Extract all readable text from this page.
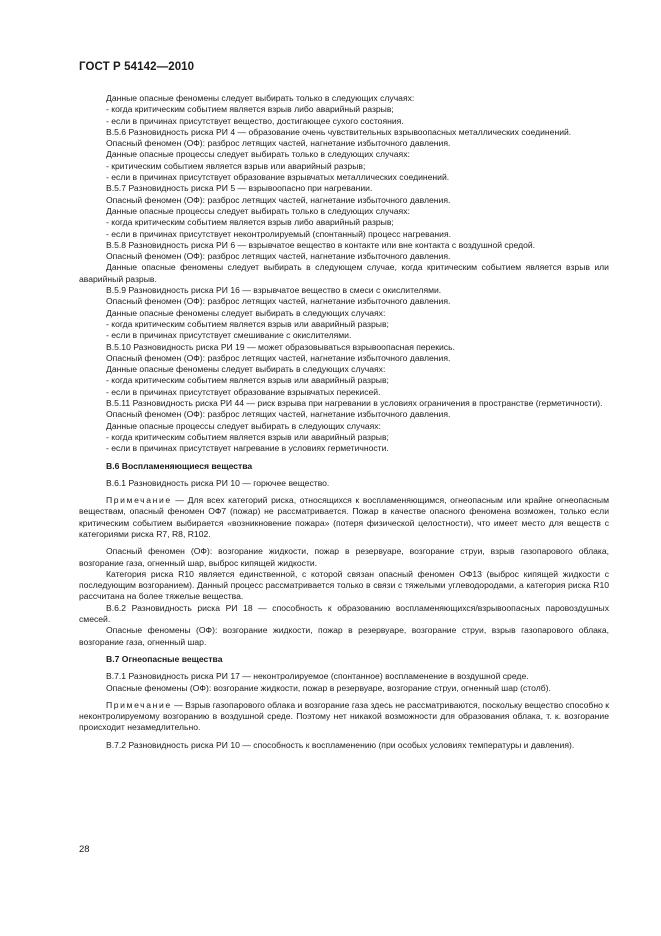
ГОСТ Р 54142—2010

Данные опасные феномены следует выбирать только в следующих случаях:

- когда критическим событием является взрыв либо аварийный разрыв;

- если в причинах присутствует вещество, достигающее сухого состояния.

В.5.6 Разновидность риска РИ 4 — образование очень чувствительных взрывоопасных металлических соединений.

Опасный феномен (ОФ): разброс летящих частей, нагнетание избыточного давления.

Данные опасные процессы следует выбирать только в следующих случаях:

- критическим событием является взрыв или аварийный разрыв;

- если в причинах присутствует образование взрывчатых металлических соединений.

В.5.7 Разновидность риска РИ 5 — взрывоопасно при нагревании.

Опасный феномен (ОФ): разброс летящих частей, нагнетание избыточного давления.

Данные опасные процессы следует выбирать только в следующих случаях:

- когда критическим событием является взрыв либо аварийный разрыв;

- если в причинах присутствует неконтролируемый (спонтанный) процесс нагревания.

В.5.8 Разновидность риска РИ 6 — взрывчатое вещество в контакте или вне контакта с воздушной средой.

Опасный феномен (ОФ): разброс летящих частей, нагнетание избыточного давления.

Данные опасные феномены следует выбирать в следующем случае, когда критическим событием является взрыв или аварийный разрыв.

В.5.9 Разновидность риска РИ 16 — взрывчатое вещество в смеси с окислителями.

Опасный феномен (ОФ): разброс летящих частей, нагнетание избыточного давления.

Данные опасные феномены следует выбирать в следующих случаях:

- когда критическим событием является взрыв или аварийный разрыв;

- если в причинах присутствует смешивание с окислителями.

В.5.10 Разновидность риска РИ 19 — может образовываться взрывоопасная перекись.

Опасный феномен (ОФ): разброс летящих частей, нагнетание избыточного давления.

Данные опасные феномены следует выбирать в следующих случаях:

- когда критическим событием является взрыв или аварийный разрыв;

- если в причинах присутствует образование взрывчатых перекисей.

В.5.11 Разновидность риска РИ 44 — риск взрыва при нагревании в условиях ограничения в пространстве (герметичности).

Опасный феномен (ОФ): разброс летящих частей, нагнетание избыточного давления.

Данные опасные процессы следует выбирать в следующих случаях:

- когда критическим событием является взрыв или аварийный разрыв;

- если в причинах присутствует нагревание в условиях герметичности.

В.6 Воспламеняющиеся вещества

В.6.1 Разновидность риска РИ 10 — горючее вещество.

Примечание — Для всех категорий риска, относящихся к воспламеняющимся, огнеопасным или крайне огнеопасным веществам, опасный феномен ОФ7 (пожар) не рассматривается. Пожар в качестве опасного феномена возможен, только если критическим событием выбирается «возникновение пожара» (потеря физической целостности), что имеет место для веществ с категориями риска R7, R8, R102.

Опасный феномен (ОФ): возгорание жидкости, пожар в резервуаре, возгорание струи, взрыв газопарового облака, возгорание газа, огненный шар, выброс кипящей жидкости.

Категория риска R10 является единственной, с которой связан опасный феномен ОФ13 (выброс кипящей жидкости с последующим возгоранием). Данный процесс рассматривается только в связи с тяжелыми углеводородами, а категория риска R10 рассчитана на более тяжелые вещества.

В.6.2 Разновидность риска РИ 18 — способность к образованию воспламеняющихся/взрывоопасных паровоздушных смесей.

Опасные феномены (ОФ): возгорание жидкости, пожар в резервуаре, возгорание струи, взрыв газопарового облака, возгорание газа, огненный шар.

В.7 Огнеопасные вещества

В.7.1 Разновидность риска РИ 17 — неконтролируемое (спонтанное) воспламенение в воздушной среде.

Опасные феномены (ОФ): возгорание жидкости, пожар в резервуаре, возгорание струи, огненный шар (столб).

Примечание — Взрыв газопарового облака и возгорание газа здесь не рассматриваются, поскольку вещество способно к неконтролируемому возгоранию в воздушной среде. Поэтому нет никакой возможности для образования облака, т. к. возгорание происходит незамедлительно.

В.7.2 Разновидность риска РИ 10 — способность к воспламенению (при особых условиях температуры и давления).

28
